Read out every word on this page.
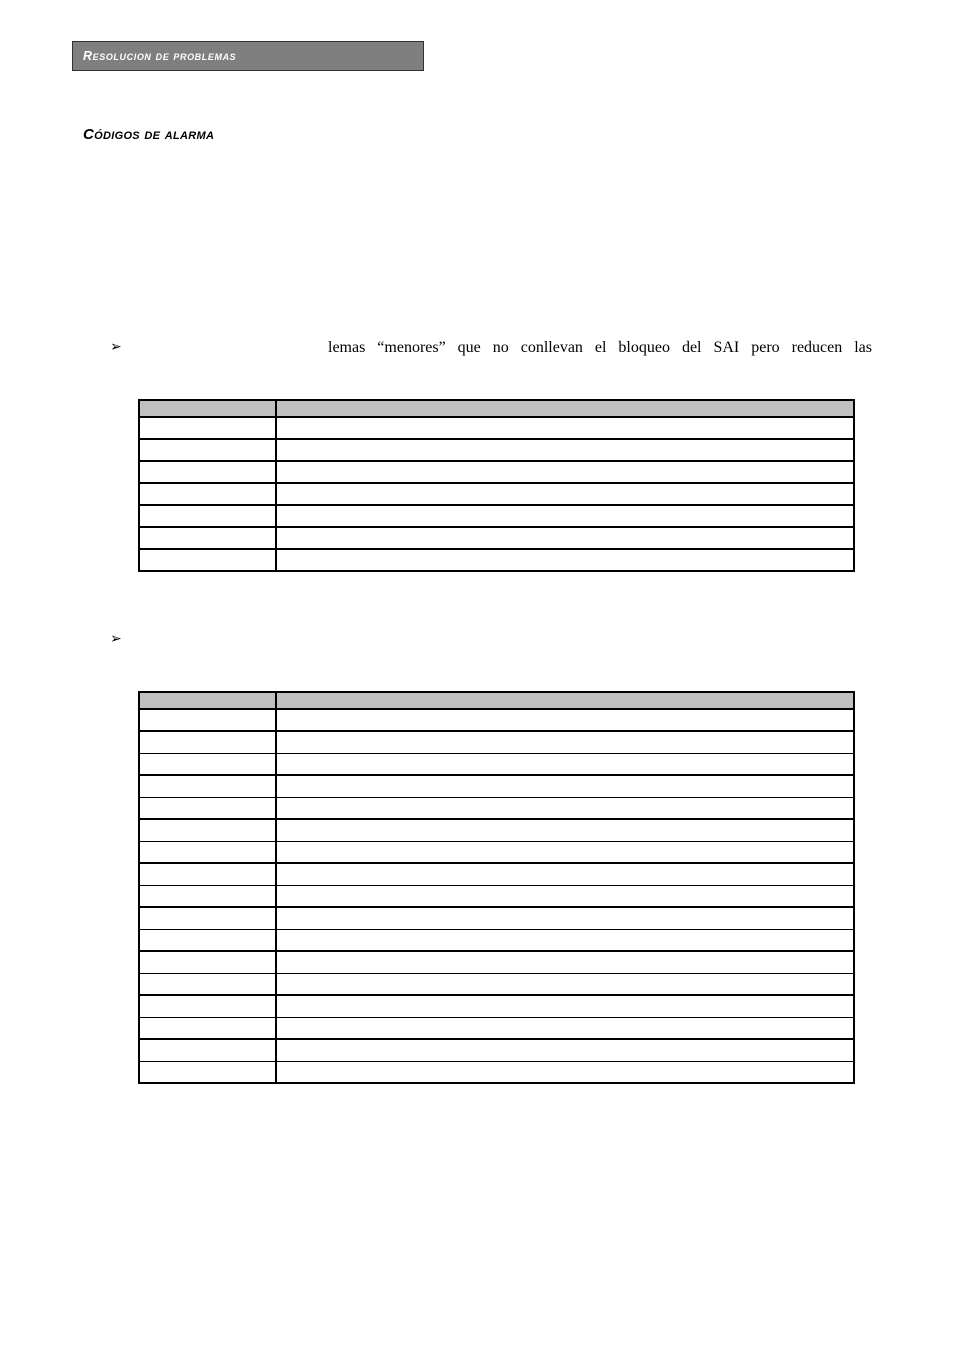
Resolucion de problemas
Códigos de alarma
➢	lemas “menores” que no conllevan el bloqueo del SAI pero reducen las

➢
